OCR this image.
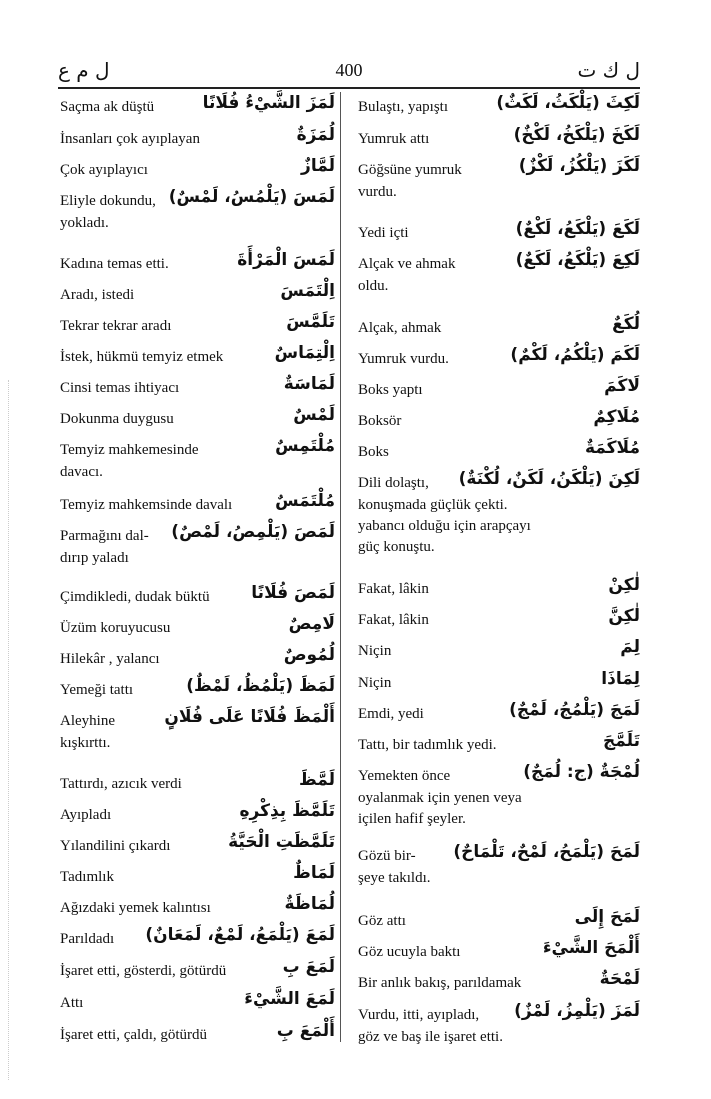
ل م ع	400	ل ك ت
Saçma ak düştü	لَمَزَ الشَّيْءُ فُلَانًا
İnsanları çok ayıplayan	لُمَزَةٌ
Çok ayıplayıcı	لَمَّازٌ
Eliyle dokundu, لَمَسَ (يَلْمُسُ، لَمْسٌ)
yokladı.
Kadına temas etti.	لَمَسَ الْمَرْأَةَ
Aradı, istedi	اِلْتَمَسَ
Tekrar tekrar aradı	تَلَمَّسَ
İstek, hükmü temyiz etmek	اِلْتِمَاسٌ
Cinsi temas ihtiyacı	لَمَاسَةٌ
Dokunma duygusu	لَمْسٌ
Temyiz mahkemesinde	مُلْتَمِسٌ
davacı.
Temyiz mahkemsinde davalı	مُلْتَمَسٌ
Parmağını dal- لَمَصَ (يَلْمِصُ، لَمْصٌ)
dırıp yaladı
Çimdikledi, dudak büktü لَمَصَ فُلَانًا
Üzüm koruyucusu	لَامِصٌ
Hilekâr , yalancı	لُمُوصٌ
Yemeği tattı	لَمَظَ (يَلْمُظُ، لَمْظٌ)
Aleyhine	أَلْمَظَ فُلَانًا عَلَى فُلَانٍ
kışkırttı.
Tattırdı, azıcık verdi	لَمَّظَ
Ayıpladı	تَلَمَّظَ بِذِكْرِهِ
Yılandilini çıkardı	تَلَمَّظَتِ الْحَيَّةُ
Tadımlık	لَمَاظٌ
Ağızdaki yemek kalıntısı	لُمَاظَةٌ
Parıldadı لَمَعَ (يَلْمَعُ، لَمْعٌ، لَمَعَانٌ)
İşaret etti, gösterdi, götürdü	لَمَعَ بِ
Attı	لَمَعَ الشَّيْءَ
İşaret etti, çaldı, götürdü	أَلْمَعَ بِ
Bulaştı, yapıştı	لَكِثَ (يَلْكَثُ، لَكَثٌ)
Yumruk attı	لَكَخَ (يَلْكَخُ، لَكْخٌ)
Göğsüne yumruk	لَكَزَ (يَلْكُزُ، لَكْزٌ)
vurdu.
Yedi içti	لَكَعَ (يَلْكَعُ، لَكْعٌ)
Alçak ve ahmak	لَكِعَ (يَلْكَعُ، لَكَعٌ)
oldu.
Alçak, ahmak	لُكَعٌ
Yumruk vurdu.	لَكَمَ (يَلْكُمُ، لَكْمٌ)
Boks yaptı	لَاكَمَ
Boksör	مُلَاكِمٌ
Boks	مُلَاكَمَةٌ
Dili dolaştı, لَكِنَ (يَلْكَنُ، لَكَنٌ، لُكْنَةٌ)
konuşmada güçlük çekti.
yabancı olduğu için arapçayı
güç konuştu.
Fakat, lâkin	لٰكِنْ
Fakat, lâkin	لٰكِنَّ
Niçin	لِمَ
Niçin	لِمَاذَا
Emdi, yedi	لَمَجَ (يَلْمُجُ، لَمْجٌ)
Tattı, bir tadımlık yedi.	تَلَمَّجَ
Yemekten önce	لُمْجَةٌ (ج: لُمَجٌ)
oyalanmak için yenen veya
içilen hafif şeyler.
Gözü bir- لَمَحَ (يَلْمَحُ، لَمْحٌ، تَلْمَاحٌ)
şeye takıldı.
Göz attı	لَمَحَ إِلَى
Göz ucuyla baktı	أَلْمَحَ الشَّيْءَ
Bir anlık bakış, parıldamak	لَمْحَةٌ
Vurdu, itti, ayıpladı, لَمَزَ (يَلْمِزُ، لَمْزٌ)
göz ve baş ile işaret etti.
